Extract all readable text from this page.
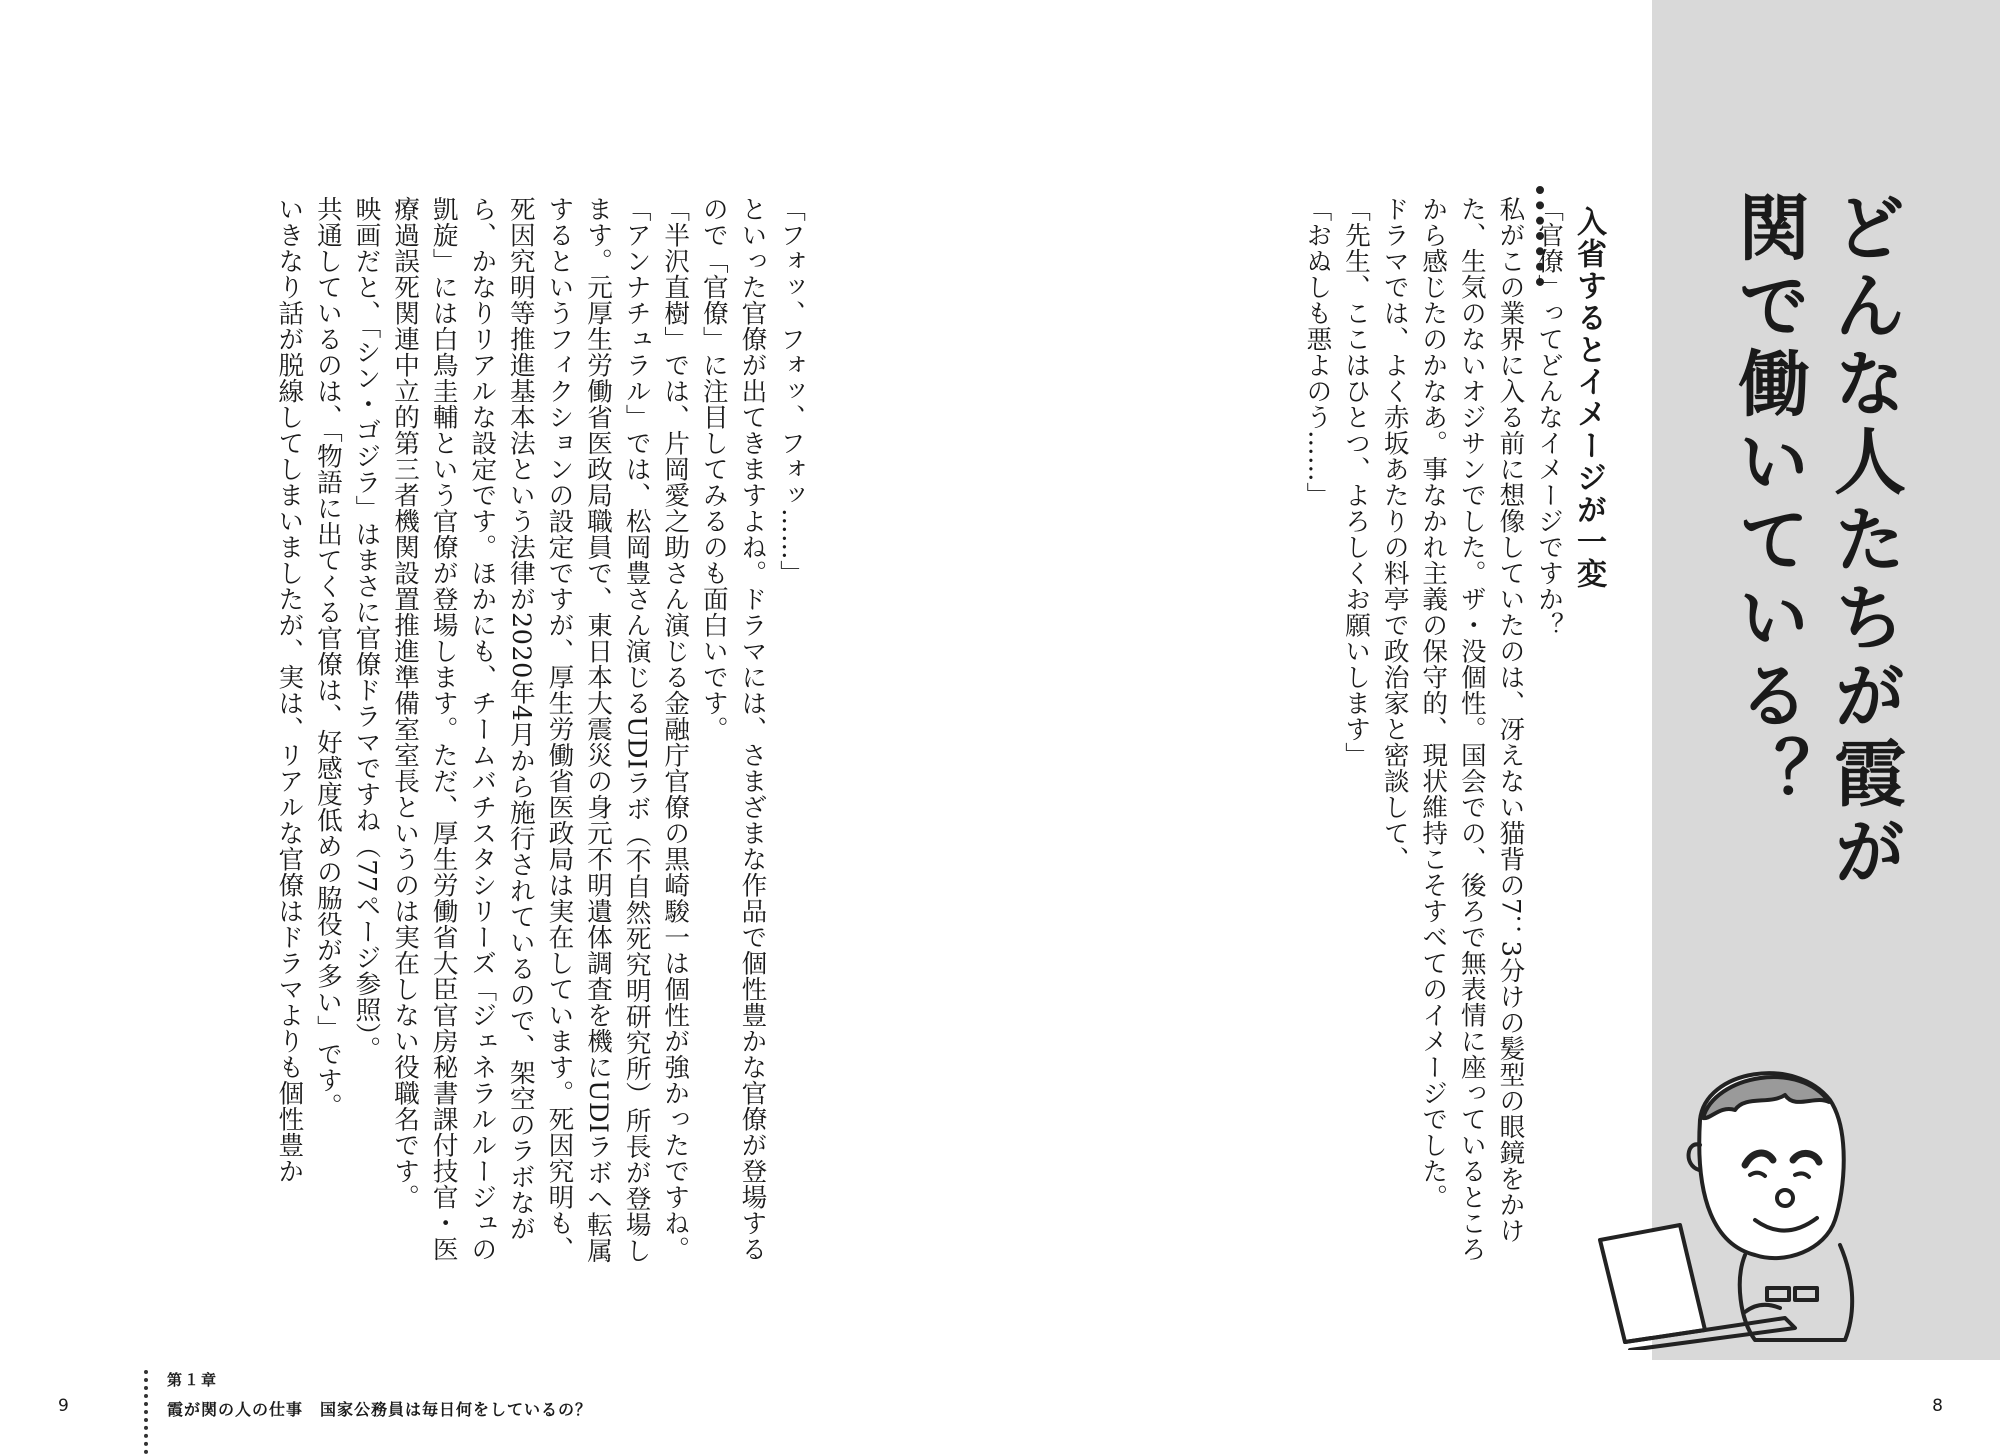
どんな人たちが霞が関で働いている？
入省するとイメージが一変

「官僚」ってどんなイメージですか？

私がこの業界に入る前に想像していたのは、冴えない猫背の7：3分けの髪型の眼鏡をかけた、生気のないオジサンでした。ザ・没個性。国会での、後ろで無表情に座っているところから感じたのかなあ。事なかれ主義の保守的、現状維持こそすべてのイメージでした。

ドラマでは、よく赤坂あたりの料亭で政治家と密談して、

「先生、ここはひとつ、よろしくお願いします」

「おぬしも悪よのう……」

「フォッ、フォッ、フォッ……」

といった官僚が出てきますよね。ドラマには、さまざまな作品で個性豊かな官僚が登場するので「官僚」に注目してみるのも面白いです。

「半沢直樹」では、片岡愛之助さん演じる金融庁官僚の黒崎駿一は個性が強かったですね。「アンナチュラル」では、松岡豊さん演じるUDIラボ（不自然死究明研究所）所長が登場します。元厚生労働省医政局職員で、東日本大震災の身元不明遺体調査を機にUDIラボへ転属するというフィクションの設定ですが、厚生労働省医政局は実在しています。死因究明も、死因究明等推進基本法という法律が2020年4月から施行されているので、架空のラボながら、かなりリアルな設定です。ほかにも、チームバチスタシリーズ「ジェネラルルージュの凱旋」には白鳥圭輔という官僚が登場します。ただ、厚生労働省大臣官房秘書課付技官・医療過誤死関連中立的第三者機関設置推進準備室室長というのは実在しない役職名です。

映画だと、「シン・ゴジラ」はまさに官僚ドラマですね（77ページ参照）。

共通しているのは、「物語に出てくる官僚は、好感度低めの脇役が多い」です。

いきなり話が脱線してしまいましたが、実は、リアルな官僚はドラマよりも個性豊か

第１章
霞が関の人の仕事　国家公務員は毎日何をしているの？
9	8
